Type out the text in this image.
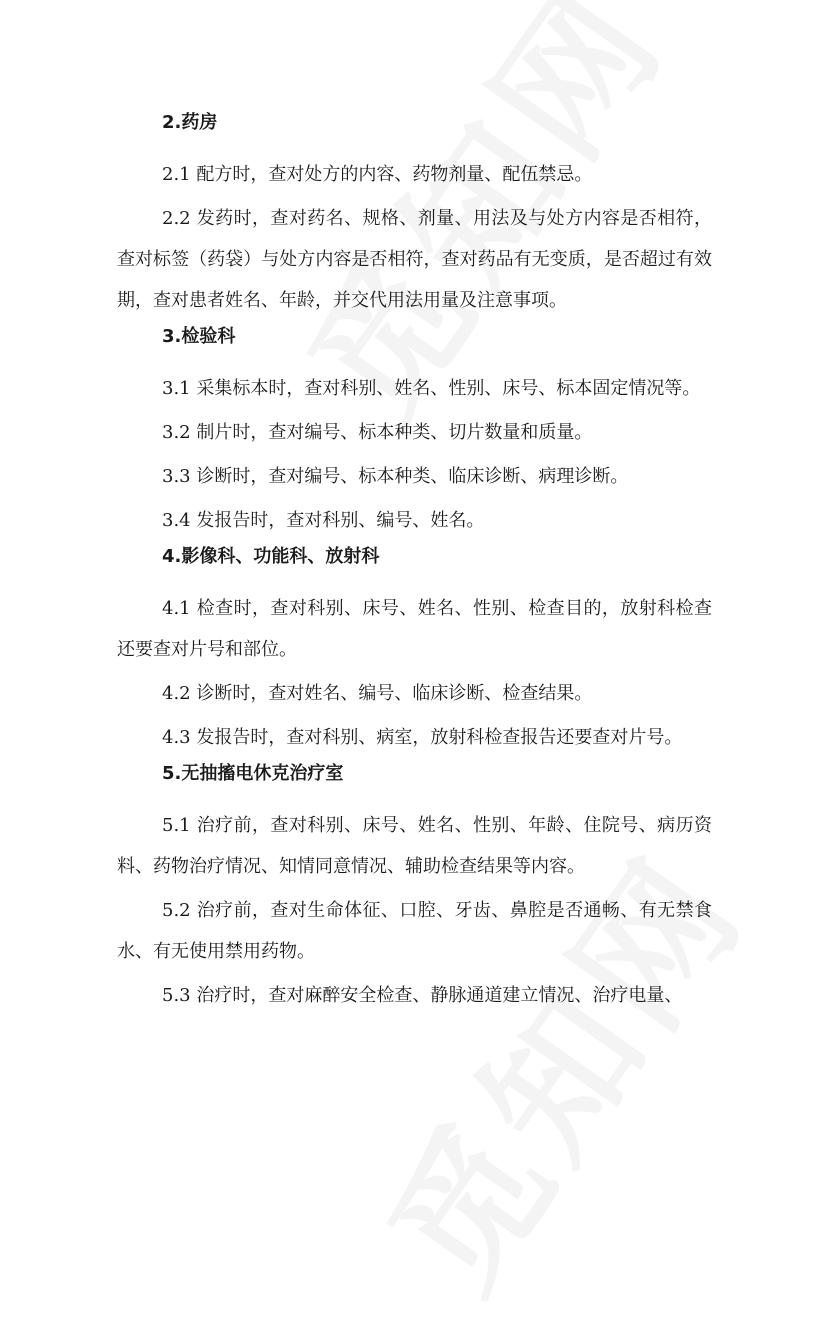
2.药房

2.1 配方时，查对处方的内容、药物剂量、配伍禁忌。

2.2 发药时，查对药名、规格、剂量、用法及与处方内容是否相符，查对标签（药袋）与处方内容是否相符，查对药品有无变质，是否超过有效期，查对患者姓名、年龄，并交代用法用量及注意事项。

3.检验科

3.1 采集标本时，查对科别、姓名、性别、床号、标本固定情况等。

3.2 制片时，查对编号、标本种类、切片数量和质量。

3.3 诊断时，查对编号、标本种类、临床诊断、病理诊断。

3.4 发报告时，查对科别、编号、姓名。

4.影像科、功能科、放射科

4.1 检查时，查对科别、床号、姓名、性别、检查目的，放射科检查还要查对片号和部位。

4.2 诊断时，查对姓名、编号、临床诊断、检查结果。

4.3 发报告时，查对科别、病室，放射科检查报告还要查对片号。

5.无抽搐电休克治疗室

5.1 治疗前，查对科别、床号、姓名、性别、年龄、住院号、病历资料、药物治疗情况、知情同意情况、辅助检查结果等内容。

5.2 治疗前，查对生命体征、口腔、牙齿、鼻腔是否通畅、有无禁食水、有无使用禁用药物。

5.3 治疗时，查对麻醉安全检查、静脉通道建立情况、治疗电量、
